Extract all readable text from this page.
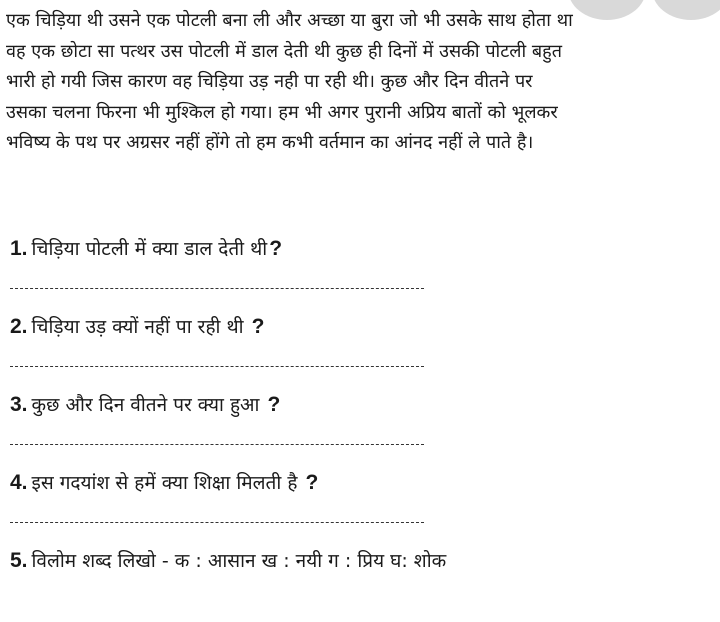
एक चिड़िया थी उसने एक पोटली बना ली और अच्छा या बुरा जो भी उसके साथ होता था
वह एक छोटा सा पत्थर उस पोटली में डाल देती थी कुछ ही दिनों में उसकी पोटली बहुत
भारी हो गयी जिस कारण वह चिड़िया उड़ नही पा रही थी। कुछ और दिन वीतने पर
उसका चलना फिरना भी मुश्किल हो गया। हम भी अगर पुरानी अप्रिय बातों को भूलकर
भविष्य के पथ पर अग्रसर नहीं होंगे तो हम कभी वर्तमान का आंनद नहीं ले पाते है।
1. चिड़िया पोटली में क्या डाल देती थी?
2. चिड़िया उड़ क्यों नहीं पा रही थी ?
3. कुछ और दिन वीतने पर क्या हुआ ?
4. इस गदयांश से हमें क्या शिक्षा मिलती है ?
5. विलोम शब्द लिखो - क : आसान ख : नयी ग : प्रिय घ: शोक
